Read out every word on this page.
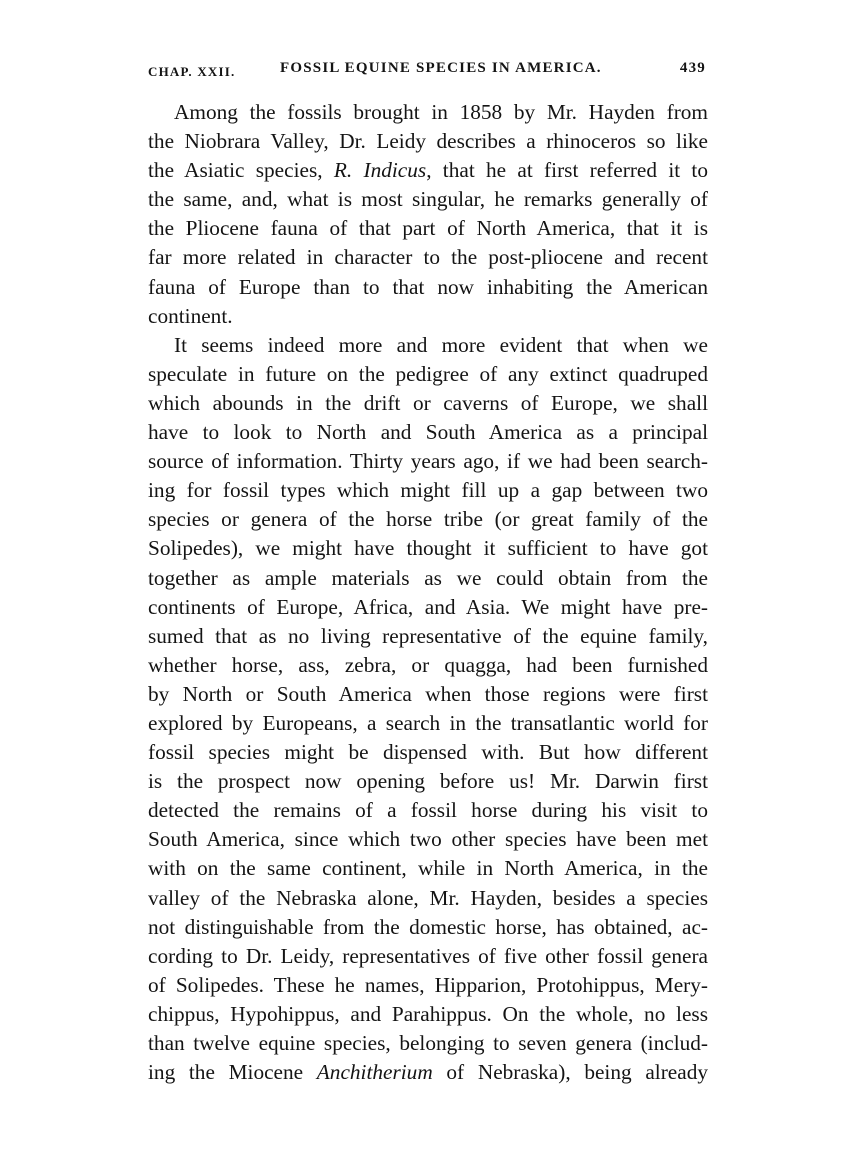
CHAP. XXII.	FOSSIL EQUINE SPECIES IN AMERICA.	439
Among the fossils brought in 1858 by Mr. Hayden from
the Niobrara Valley, Dr. Leidy describes a rhinoceros so like
the Asiatic species, R. Indicus, that he at first referred it to
the same, and, what is most singular, he remarks generally of
the Pliocene fauna of that part of North America, that it is
far more related in character to the post-pliocene and recent
fauna of Europe than to that now inhabiting the American
continent.
It seems indeed more and more evident that when we
speculate in future on the pedigree of any extinct quadruped
which abounds in the drift or caverns of Europe, we shall
have to look to North and South America as a principal
source of information. Thirty years ago, if we had been search-
ing for fossil types which might fill up a gap between two
species or genera of the horse tribe (or great family of the
Solipedes), we might have thought it sufficient to have got
together as ample materials as we could obtain from the
continents of Europe, Africa, and Asia. We might have pre-
sumed that as no living representative of the equine family,
whether horse, ass, zebra, or quagga, had been furnished
by North or South America when those regions were first
explored by Europeans, a search in the transatlantic world for
fossil species might be dispensed with. But how different
is the prospect now opening before us! Mr. Darwin first
detected the remains of a fossil horse during his visit to
South America, since which two other species have been met
with on the same continent, while in North America, in the
valley of the Nebraska alone, Mr. Hayden, besides a species
not distinguishable from the domestic horse, has obtained, ac-
cording to Dr. Leidy, representatives of five other fossil genera
of Solipedes. These he names, Hipparion, Protohippus, Mery-
chippus, Hypohippus, and Parahippus. On the whole, no less
than twelve equine species, belonging to seven genera (includ-
ing the Miocene Anchitherium of Nebraska), being already
